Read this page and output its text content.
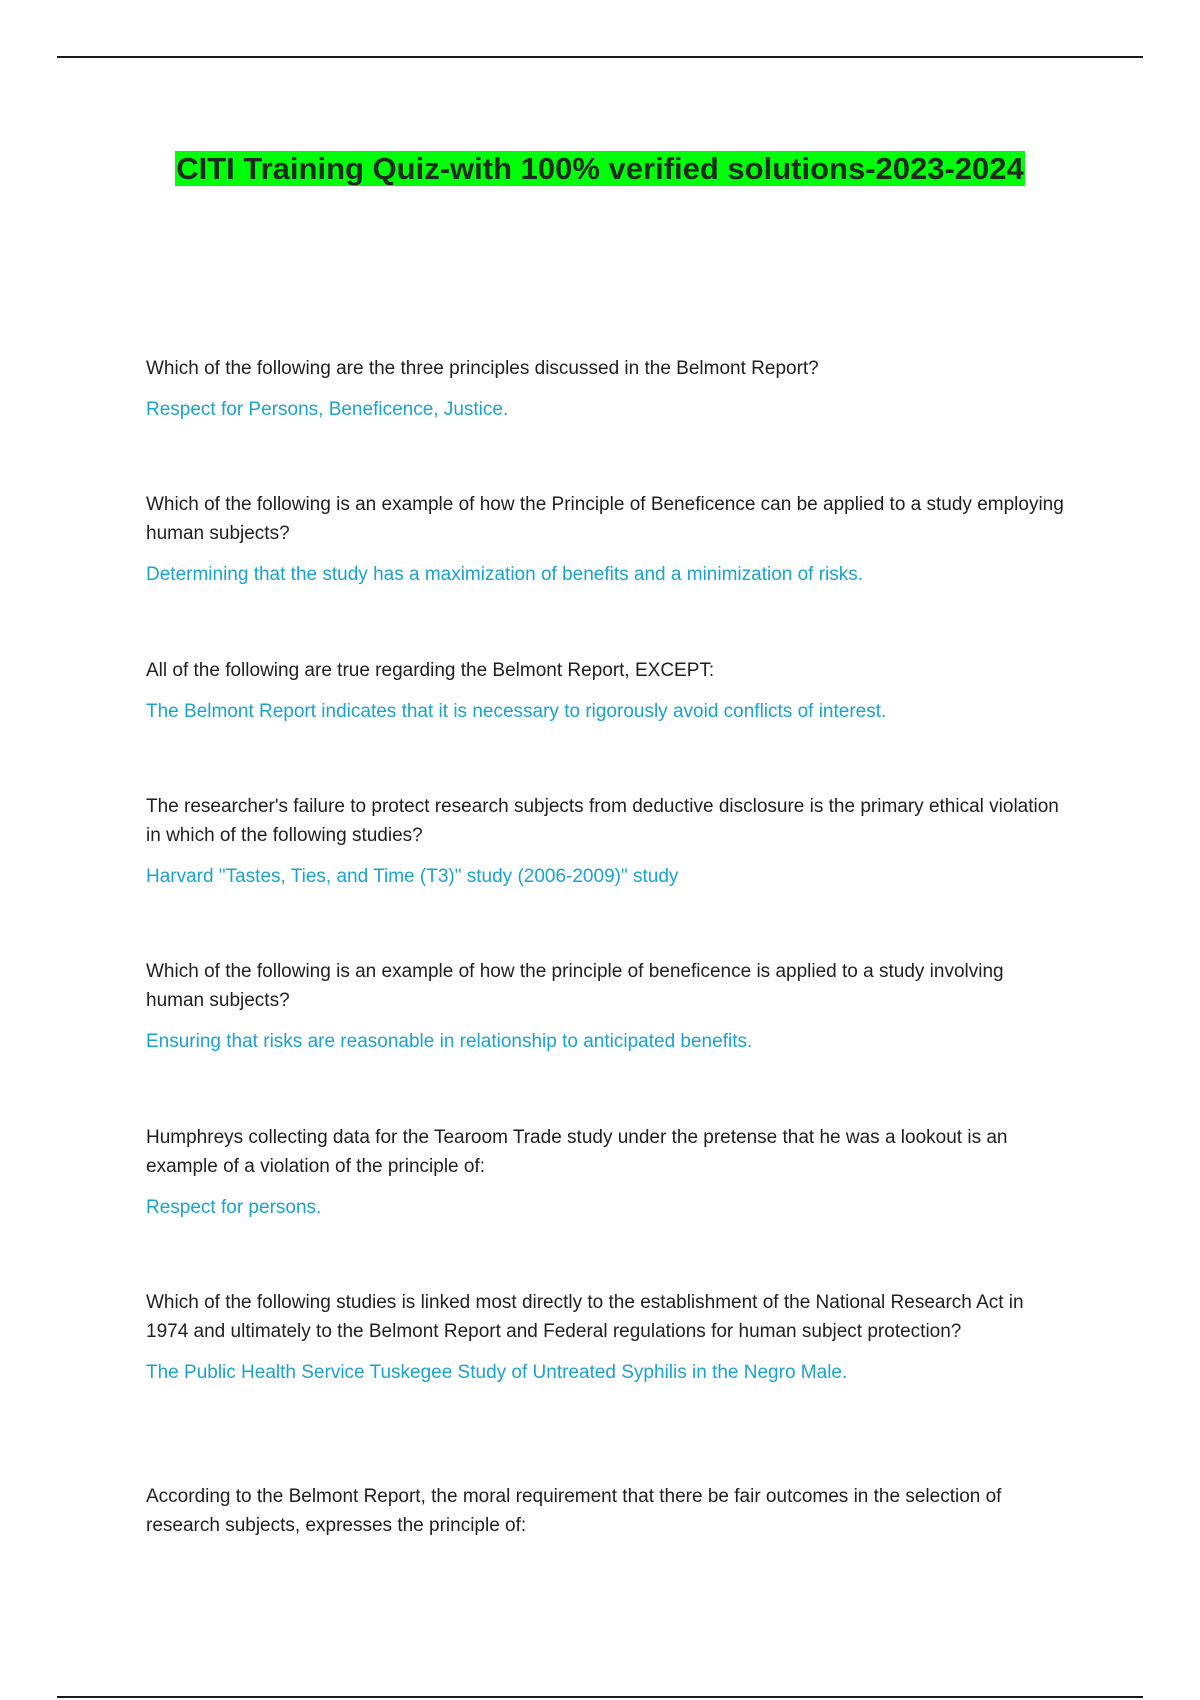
CITI Training Quiz-with 100% verified solutions-2023-2024

Which of the following are the three principles discussed in the Belmont Report?

Respect for Persons, Beneficence, Justice.

Which of the following is an example of how the Principle of Beneficence can be applied to a study employing human subjects?

Determining that the study has a maximization of benefits and a minimization of risks.

All of the following are true regarding the Belmont Report, EXCEPT:

The Belmont Report indicates that it is necessary to rigorously avoid conflicts of interest.

The researcher's failure to protect research subjects from deductive disclosure is the primary ethical violation in which of the following studies?

Harvard "Tastes, Ties, and Time (T3)" study (2006-2009)" study

Which of the following is an example of how the principle of beneficence is applied to a study involving human subjects?

Ensuring that risks are reasonable in relationship to anticipated benefits.

Humphreys collecting data for the Tearoom Trade study under the pretense that he was a lookout is an example of a violation of the principle of:

Respect for persons.

Which of the following studies is linked most directly to the establishment of the National Research Act in 1974 and ultimately to the Belmont Report and Federal regulations for human subject protection?

The Public Health Service Tuskegee Study of Untreated Syphilis in the Negro Male.

According to the Belmont Report, the moral requirement that there be fair outcomes in the selection of research subjects, expresses the principle of:
